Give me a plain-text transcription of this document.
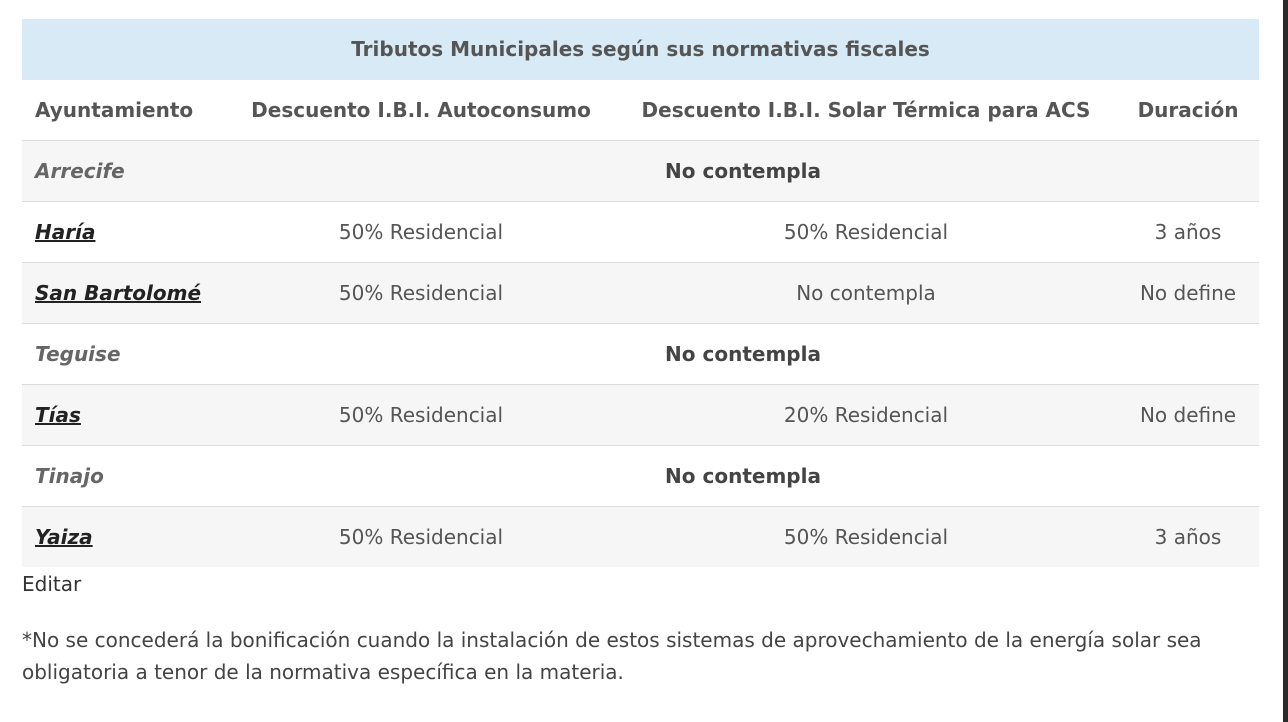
Tributos Municipales según sus normativas fiscales			
Ayuntamiento	Descuento I.B.I. Autoconsumo	Descuento I.B.I. Solar Térmica para ACS	Duración
Arrecife	No contempla		
Haría	50% Residencial	50% Residencial	3 años
San Bartolomé	50% Residencial	No contempla	No define
Teguise	No contempla		
Tías	50% Residencial	20% Residencial	No define
Tinajo	No contempla		
Yaiza	50% Residencial	50% Residencial	3 años
Editar

*No se concederá la bonificación cuando la instalación de estos sistemas de aprovechamiento de la energía solar sea obligatoria a tenor de la normativa específica en la materia.
